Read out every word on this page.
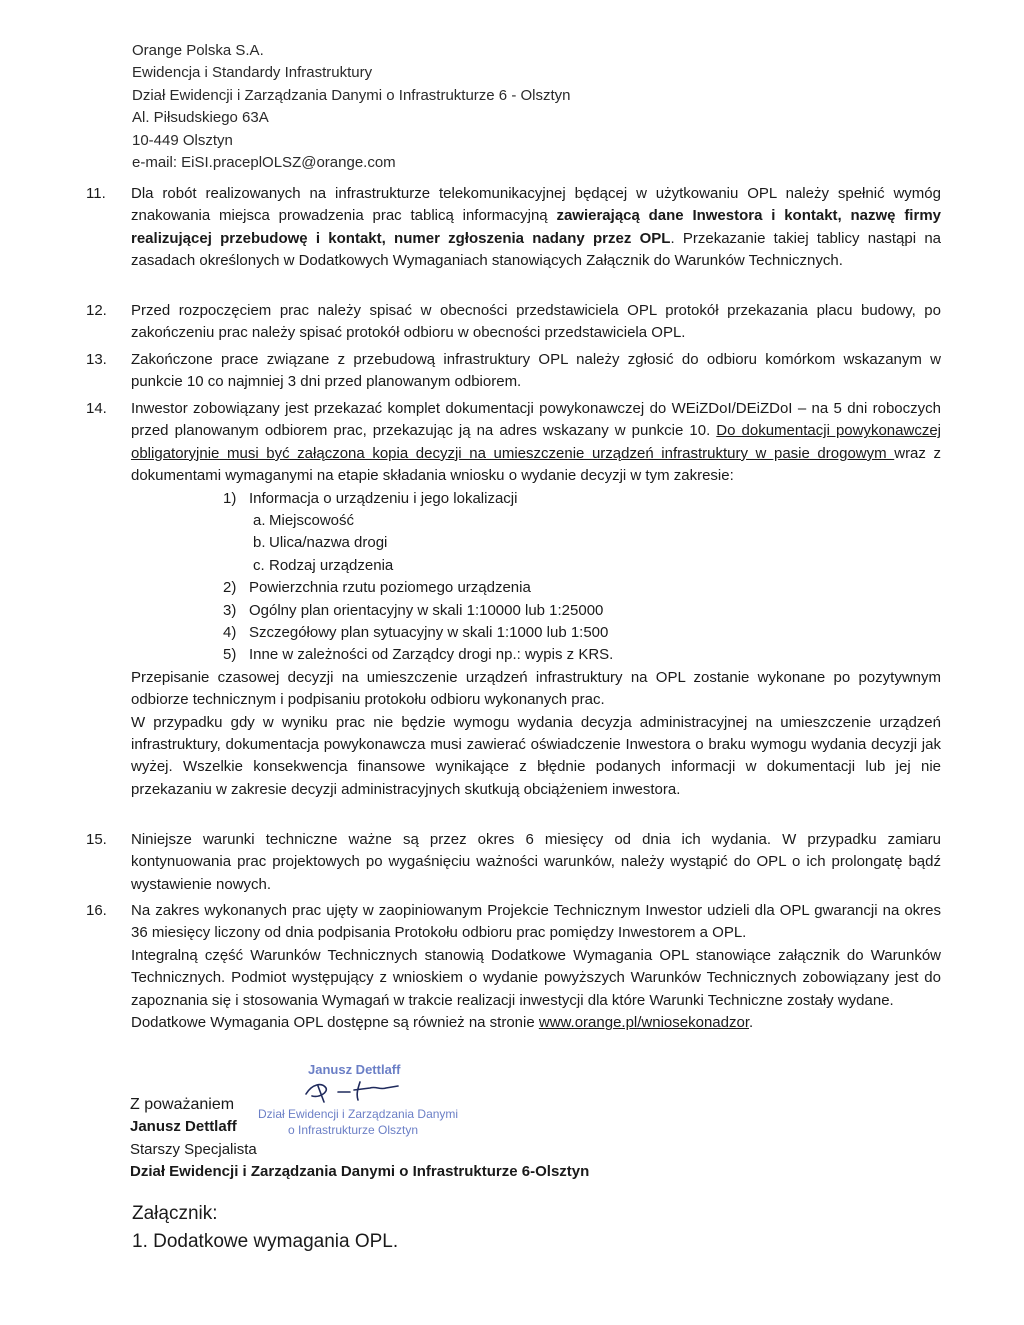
Orange Polska S.A.
Ewidencja i Standardy Infrastruktury
Dział Ewidencji i Zarządzania Danymi o Infrastrukturze 6 - Olsztyn
Al. Piłsudskiego 63A
10-449 Olsztyn
e-mail: EiSI.praceplOLSZ@orange.com
11. Dla robót realizowanych na infrastrukturze telekomunikacyjnej będącej w użytkowaniu OPL należy spełnić wymóg znakowania miejsca prowadzenia prac tablicą informacyjną zawierającą dane Inwestora i kontakt, nazwę firmy realizującej przebudowę i kontakt, numer zgłoszenia nadany przez OPL. Przekazanie takiej tablicy nastąpi na zasadach określonych w Dodatkowych Wymaganiach stanowiących Załącznik do Warunków Technicznych.

12. Przed rozpoczęciem prac należy spisać w obecności przedstawiciela OPL protokół przekazania placu budowy, po zakończeniu prac należy spisać protokół odbioru w obecności przedstawiciela OPL.

13. Zakończone prace związane z przebudową infrastruktury OPL należy zgłosić do odbioru komórkom wskazanym w punkcie 10 co najmniej 3 dni przed planowanym odbiorem.

14. Inwestor zobowiązany jest przekazać komplet dokumentacji powykonawczej do WEiZDoI/DEiZDoI – na 5 dni roboczych przed planowanym odbiorem prac, przekazując ją na adres wskazany w punkcie 10. Do dokumentacji powykonawczej obligatoryjnie musi być załączona kopia decyzji na umieszczenie urządzeń infrastruktury w pasie drogowym wraz z dokumentami wymaganymi na etapie składania wniosku o wydanie decyzji w tym zakresie:

1) Informacja o urządzeniu i jego lokalizacji
a. Miejscowość
b. Ulica/nazwa drogi
c. Rodzaj urządzenia
2) Powierzchnia rzutu poziomego urządzenia
3) Ogólny plan orientacyjny w skali 1:10000 lub 1:25000
4) Szczegółowy plan sytuacyjny w skali 1:1000 lub 1:500
5) Inne w zależności od Zarządcy drogi np.: wypis z KRS.

Przepisanie czasowej decyzji na umieszczenie urządzeń infrastruktury na OPL zostanie wykonane po pozytywnym odbiorze technicznym i podpisaniu protokołu odbioru wykonanych prac.

W przypadku gdy w wyniku prac nie będzie wymogu wydania decyzja administracyjnej na umieszczenie urządzeń infrastruktury, dokumentacja powykonawcza musi zawierać oświadczenie Inwestora o braku wymogu wydania decyzji jak wyżej. Wszelkie konsekwencja finansowe wynikające z błędnie podanych informacji w dokumentacji lub jej nie przekazaniu w zakresie decyzji administracyjnych skutkują obciążeniem inwestora.

15. Niniejsze warunki techniczne ważne są przez okres 6 miesięcy od dnia ich wydania. W przypadku zamiaru kontynuowania prac projektowych po wygaśnięciu ważności warunków, należy wystąpić do OPL o ich prolongatę bądź wystawienie nowych.

16. Na zakres wykonanych prac ujęty w zaopiniowanym Projekcie Technicznym Inwestor udzieli dla OPL gwarancji na okres 36 miesięcy liczony od dnia podpisania Protokołu odbioru prac pomiędzy Inwestorem a OPL.

Integralną część Warunków Technicznych stanowią Dodatkowe Wymagania OPL stanowiące załącznik do Warunków Technicznych. Podmiot występujący z wnioskiem o wydanie powyższych Warunków Technicznych zobowiązany jest do zapoznania się i stosowania Wymagań w trakcie realizacji inwestycji dla które Warunki Techniczne zostały wydane.

Dodatkowe Wymagania OPL dostępne są również na stronie www.orange.pl/wniosekonadzor.

Janusz Dettlaff
Dział Ewidencji i Zarządzania Danymi
o Infrastrukturze Olsztyn
Z poważaniem
Janusz Dettlaff
Starszy Specjalista
Dział Ewidencji i Zarządzania Danymi o Infrastrukturze 6-Olsztyn
Załącznik:
1. Dodatkowe wymagania OPL.
